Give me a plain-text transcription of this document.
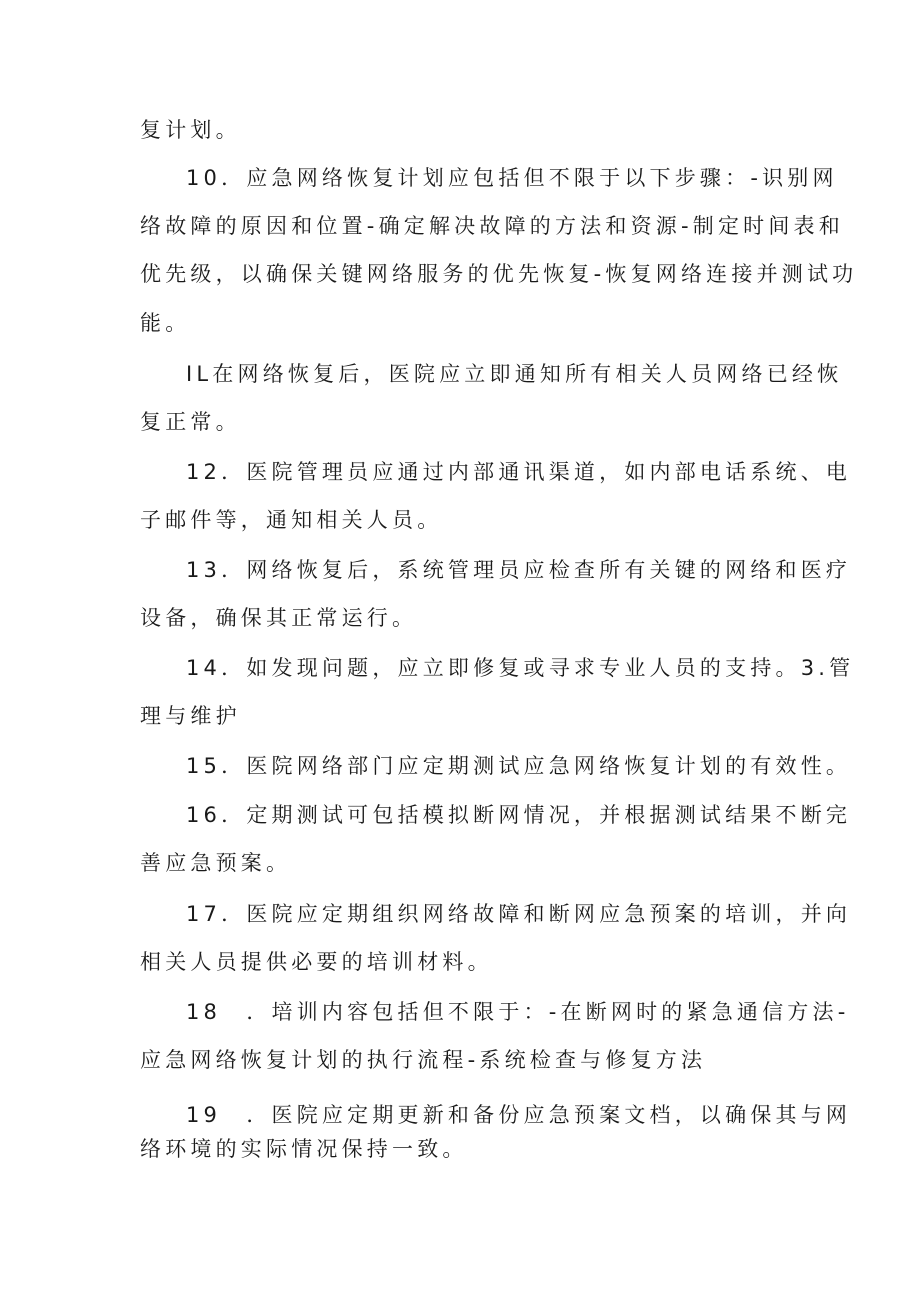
复计划。
10．应急网络恢复计划应包括但不限于以下步骤：-识别网
络故障的原因和位置-确定解决故障的方法和资源-制定时间表和
优先级，以确保关键网络服务的优先恢复-恢复网络连接并测试功
能。
IL在网络恢复后，医院应立即通知所有相关人员网络已经恢
复正常。
12．医院管理员应通过内部通讯渠道，如内部电话系统、电
子邮件等，通知相关人员。
13．网络恢复后，系统管理员应检查所有关键的网络和医疗
设备，确保其正常运行。
14．如发现问题，应立即修复或寻求专业人员的支持。3.管
理与维护
15．医院网络部门应定期测试应急网络恢复计划的有效性。
16．定期测试可包括模拟断网情况，并根据测试结果不断完
善应急预案。
17．医院应定期组织网络故障和断网应急预案的培训，并向
相关人员提供必要的培训材料。
18　．培训内容包括但不限于：-在断网时的紧急通信方法-
应急网络恢复计划的执行流程-系统检查与修复方法
19　．医院应定期更新和备份应急预案文档，以确保其与网
络环境的实际情况保持一致。
